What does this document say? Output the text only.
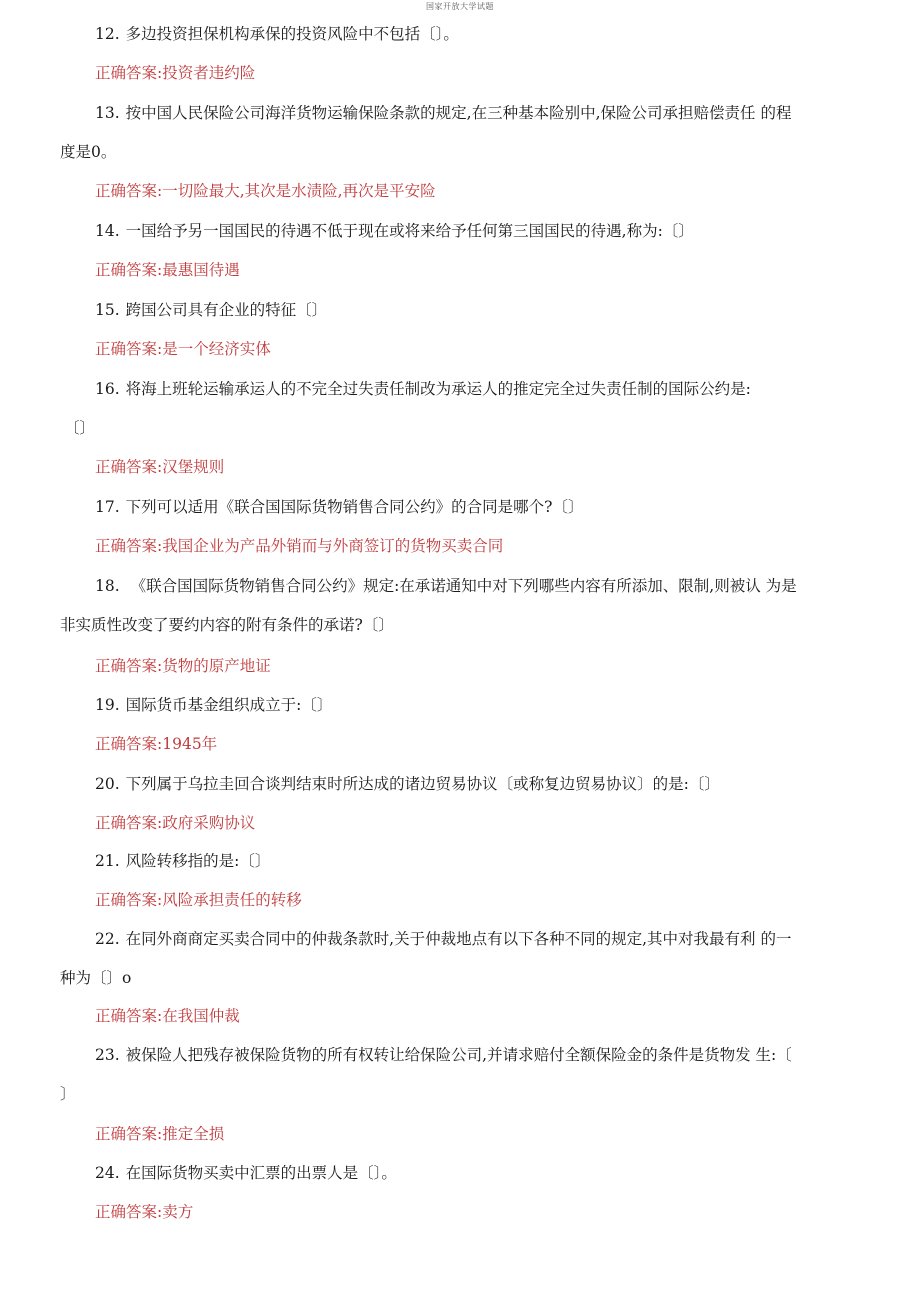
国家开放大学试题
12. 多边投资担保机构承保的投资风险中不包括〔〕。
正确答案:投资者违约险
13. 按中国人民保险公司海洋货物运输保险条款的规定,在三种基本险别中,保险公司承担赔偿责任 的程
度是0。
正确答案:一切险最大,其次是水渍险,再次是平安险
14. 一国给予另一国国民的待遇不低于现在或将来给予任何第三国国民的待遇,称为:〔〕
正确答案:最惠国待遇
15. 跨国公司具有企业的特征〔〕
正确答案:是一个经济实体
16. 将海上班轮运输承运人的不完全过失责任制改为承运人的推定完全过失责任制的国际公约是:
〔〕
正确答案:汉堡规则
17. 下列可以适用《联合国国际货物销售合同公约》的合同是哪个?〔〕
正确答案:我国企业为产品外销而与外商签订的货物买卖合同
18. 《联合国国际货物销售合同公约》规定:在承诺通知中对下列哪些内容有所添加、限制,则被认 为是
非实质性改变了要约内容的附有条件的承诺?〔〕
正确答案:货物的原产地证
19. 国际货币基金组织成立于:〔〕
正确答案:1945年
20. 下列属于乌拉圭回合谈判结束时所达成的诸边贸易协议〔或称复边贸易协议〕的是:〔〕
正确答案:政府采购协议
21. 风险转移指的是:〔〕
正确答案:风险承担责任的转移
22. 在同外商商定买卖合同中的仲裁条款时,关于仲裁地点有以下各种不同的规定,其中对我最有利 的一
种为〔〕o
正确答案:在我国仲裁
23. 被保险人把残存被保险货物的所有权转让给保险公司,并请求赔付全额保险金的条件是货物发 生:〔
〕
正确答案:推定全损
24. 在国际货物买卖中汇票的出票人是〔〕。
正确答案:卖方
